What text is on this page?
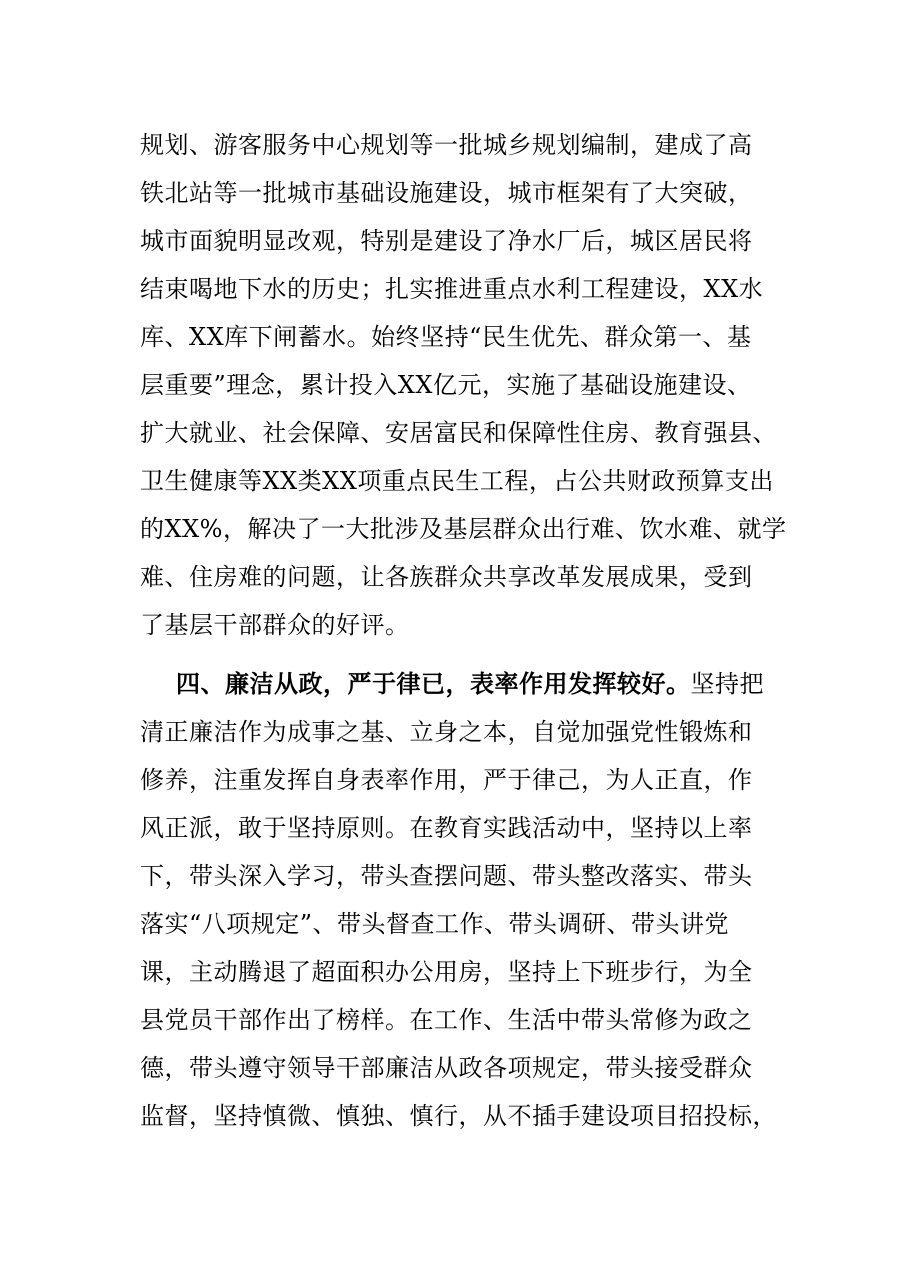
规划、游客服务中心规划等一批城乡规划编制，建成了高
铁北站等一批城市基础设施建设，城市框架有了大突破，
城市面貌明显改观，特别是建设了净水厂后，城区居民将
结束喝地下水的历史；扎实推进重点水利工程建设，XX水
库、XX库下闸蓄水。始终坚持“民生优先、群众第一、基
层重要”理念，累计投入XX亿元，实施了基础设施建设、
扩大就业、社会保障、安居富民和保障性住房、教育强县、
卫生健康等XX类XX项重点民生工程，占公共财政预算支出
的XX%，解决了一大批涉及基层群众出行难、饮水难、就学
难、住房难的问题，让各族群众共享改革发展成果，受到
了基层干部群众的好评。
四、廉洁从政，严于律已，表率作用发挥较好。坚持把
清正廉洁作为成事之基、立身之本，自觉加强党性锻炼和
修养，注重发挥自身表率作用，严于律己，为人正直，作
风正派，敢于坚持原则。在教育实践活动中，坚持以上率
下，带头深入学习，带头查摆问题、带头整改落实、带头
落实“八项规定”、带头督查工作、带头调研、带头讲党
课，主动腾退了超面积办公用房，坚持上下班步行，为全
县党员干部作出了榜样。在工作、生活中带头常修为政之
德，带头遵守领导干部廉洁从政各项规定，带头接受群众
监督，坚持慎微、慎独、慎行，从不插手建设项目招投标，
